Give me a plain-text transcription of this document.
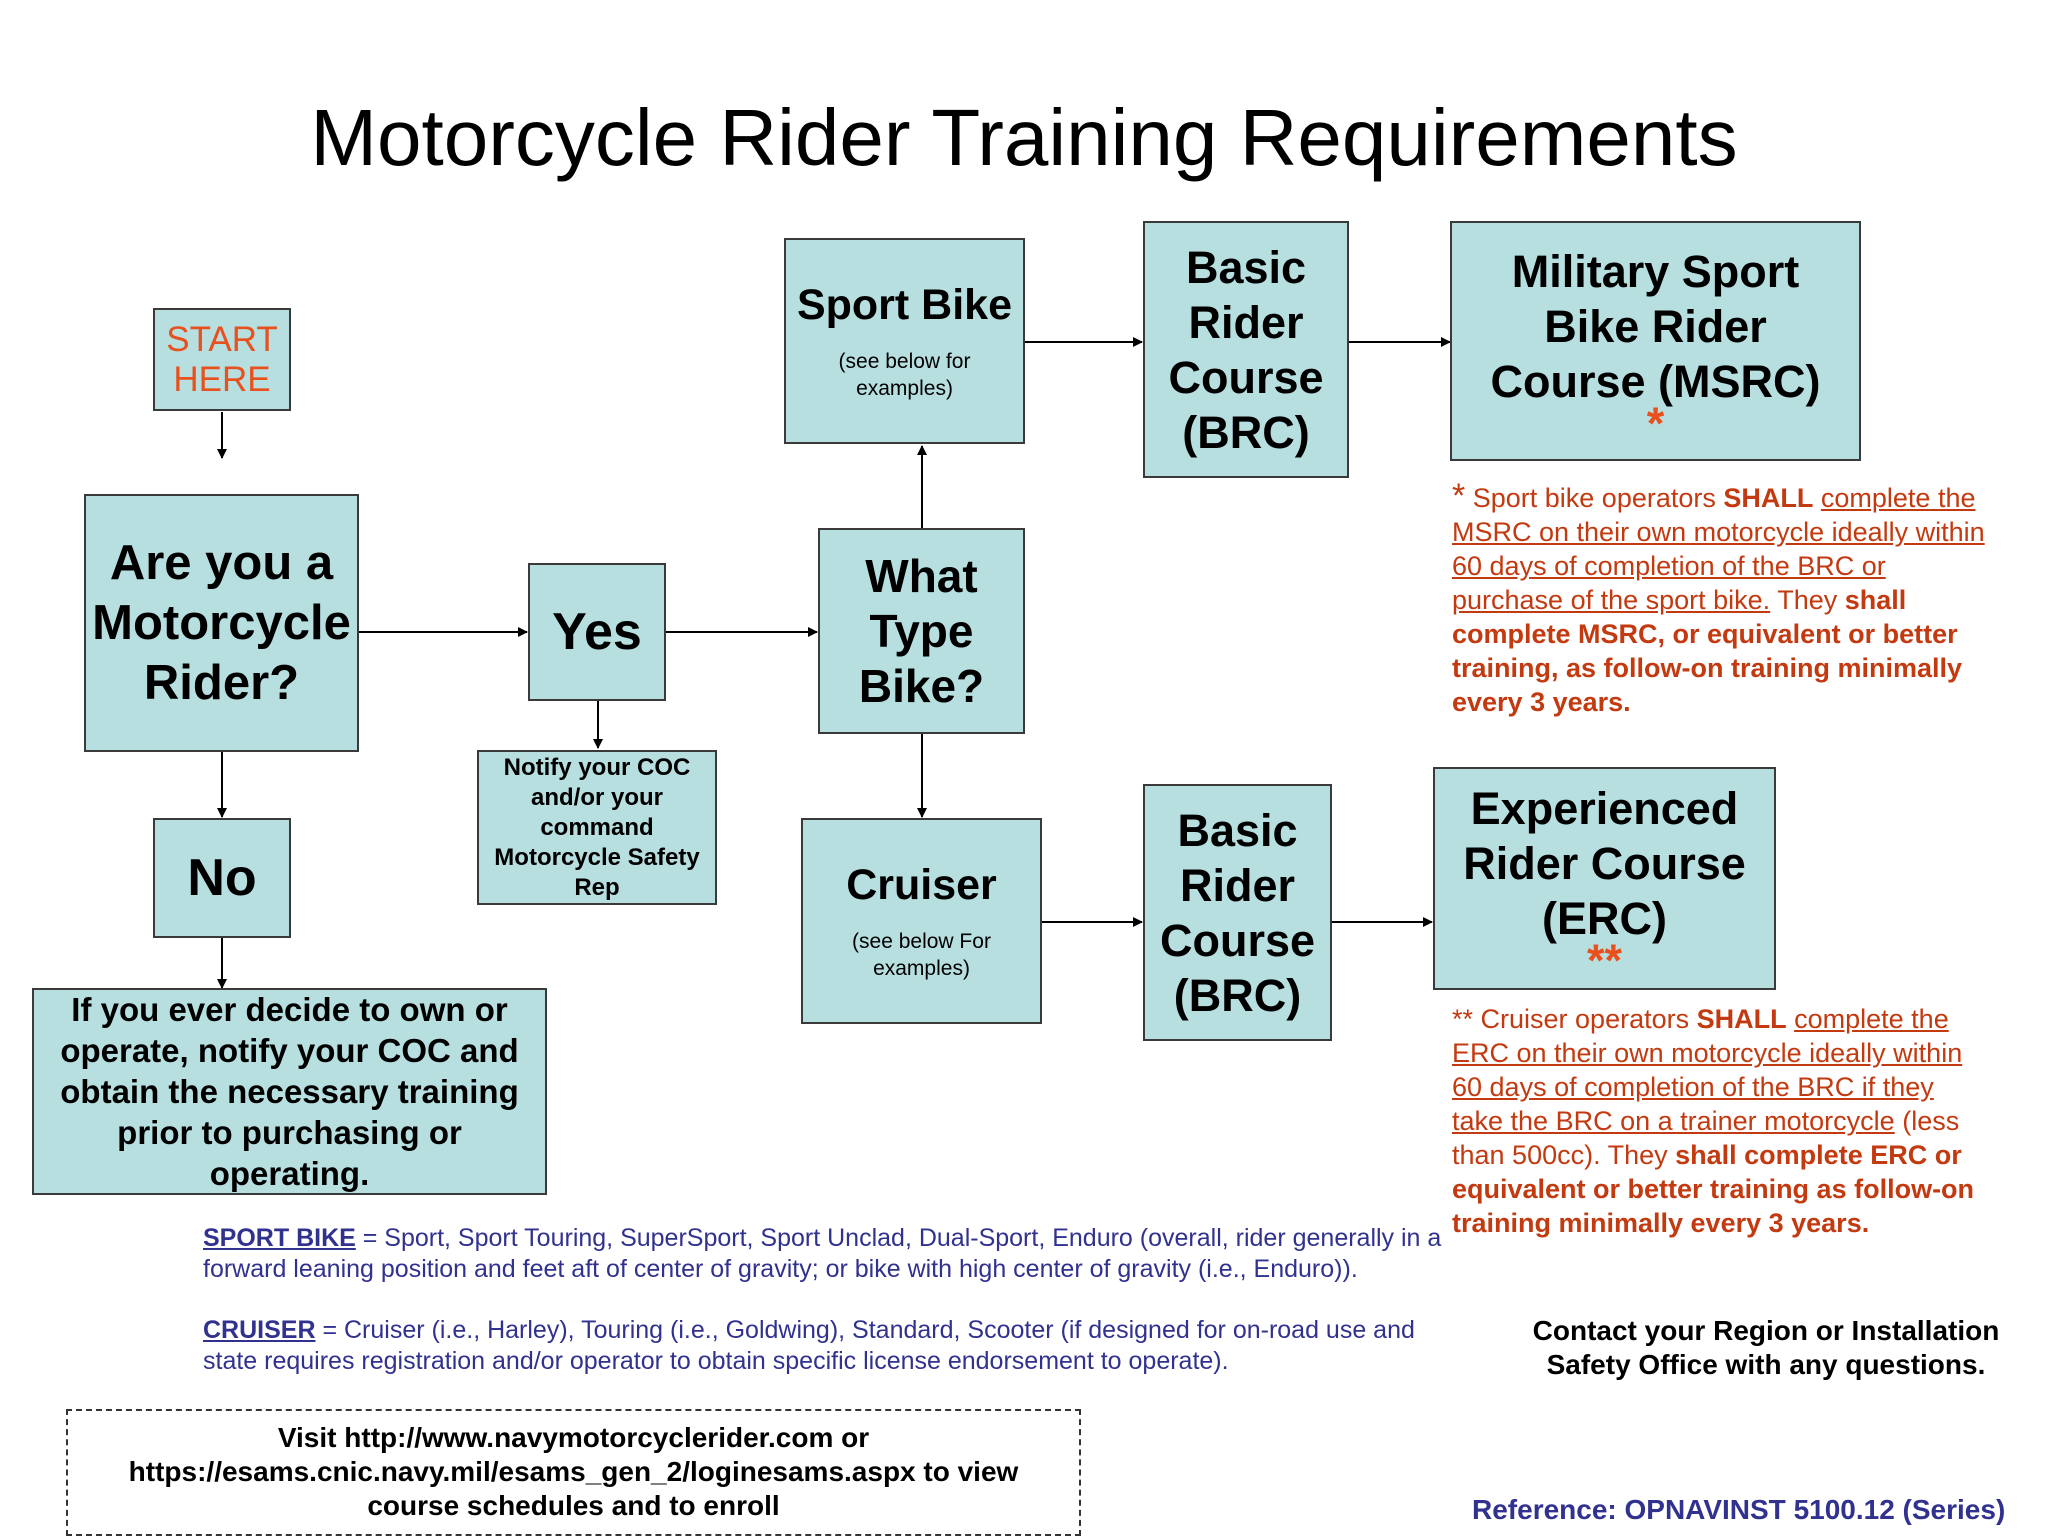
Motorcycle Rider Training Requirements
START HERE
Are you a Motorcycle Rider?
Yes
Notify your COC and/or your command Motorcycle Safety Rep
No
If you ever decide to own or operate, notify your COC and obtain the necessary training prior to purchasing or operating.
What Type Bike?
Sport Bike
(see below for examples)
Cruiser
(see below For examples)
Basic Rider Course (BRC)
Basic Rider Course (BRC)
Military Sport Bike Rider Course (MSRC)
*
Experienced Rider Course (ERC)
**
* Sport bike operators SHALL complete the MSRC on their own motorcycle ideally within 60 days of completion of the BRC or purchase of the sport bike. They shall complete MSRC, or equivalent or better training, as follow-on training minimally every 3 years.
** Cruiser operators SHALL complete the ERC on their own motorcycle ideally within 60 days of completion of the BRC if they take the BRC on a trainer motorcycle (less than 500cc). They shall complete ERC or equivalent or better training as follow-on training minimally every 3 years.
SPORT BIKE = Sport, Sport Touring, SuperSport, Sport Unclad, Dual-Sport, Enduro (overall, rider generally in a forward leaning position and feet aft of center of gravity; or bike with high center of gravity (i.e., Enduro)).
CRUISER = Cruiser (i.e., Harley), Touring (i.e., Goldwing), Standard, Scooter (if designed for on-road use and state requires registration and/or operator to obtain specific license endorsement to operate).
Contact your Region or Installation Safety Office with any questions.
Visit http://www.navymotorcyclerider.com or https://esams.cnic.navy.mil/esams_gen_2/loginesams.aspx to view course schedules and to enroll	Reference: OPNAVINST 5100.12 (Series)
